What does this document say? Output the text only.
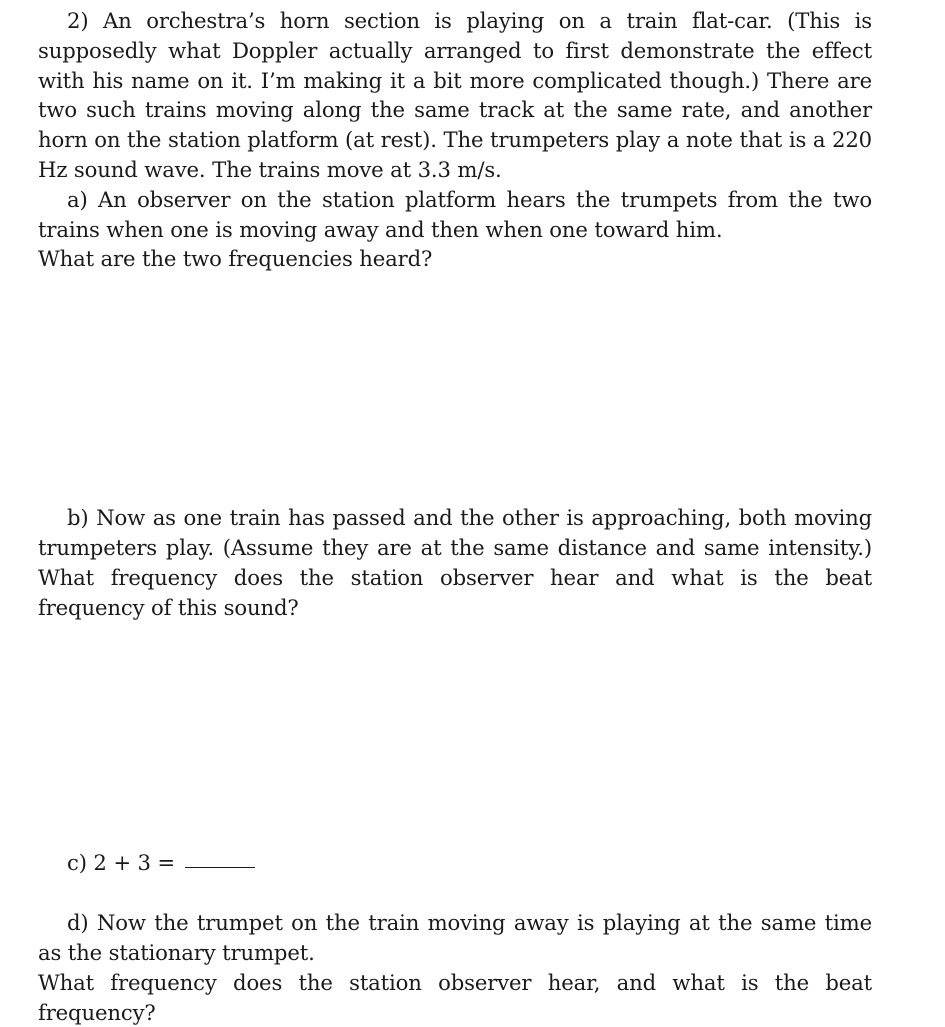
2) An orchestra’s horn section is playing on a train flat-car. (This is supposedly what Doppler actually arranged to first demonstrate the effect with his name on it. I’m making it a bit more complicated though.) There are two such trains moving along the same track at the same rate, and another horn on the station platform (at rest). The trumpeters play a note that is a 220 Hz sound wave. The trains move at 3.3 m/s.

a) An observer on the station platform hears the trumpets from the two trains when one is moving away and then when one toward him.

What are the two frequencies heard?

b) Now as one train has passed and the other is approaching, both moving trumpeters play. (Assume they are at the same distance and same intensity.) What frequency does the station observer hear and what is the beat frequency of this sound?

c) 2 + 3 =

d) Now the trumpet on the train moving away is playing at the same time as the stationary trumpet.

What frequency does the station observer hear, and what is the beat frequency?
